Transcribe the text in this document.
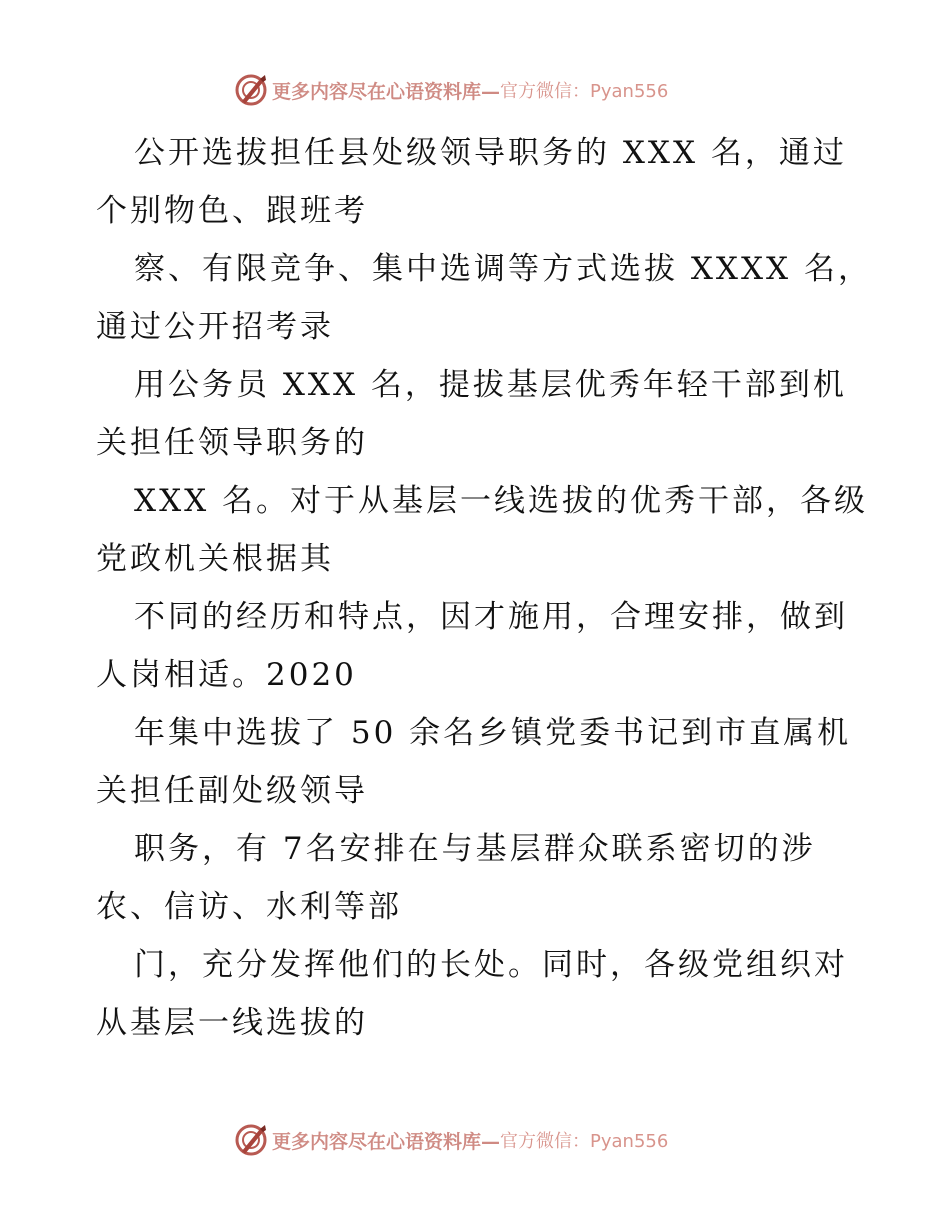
更多内容尽在心语资料库— 官方微信：Pyan556
公开选拔担任县处级领导职务的 XXX 名，通过
个别物色、跟班考
察、有限竞争、集中选调等方式选拔 XXXX 名，
通过公开招考录
用公务员 XXX 名，提拔基层优秀年轻干部到机
关担任领导职务的
XXX 名。对于从基层一线选拔的优秀干部，各级
党政机关根据其
不同的经历和特点，因才施用，合理安排，做到
人岗相适。2020
年集中选拔了 50 余名乡镇党委书记到市直属机
关担任副处级领导
职务，有 7名安排在与基层群众联系密切的涉
农、信访、水利等部
门，充分发挥他们的长处。同时，各级党组织对
从基层一线选拔的
更多内容尽在心语资料库— 官方微信：Pyan556
